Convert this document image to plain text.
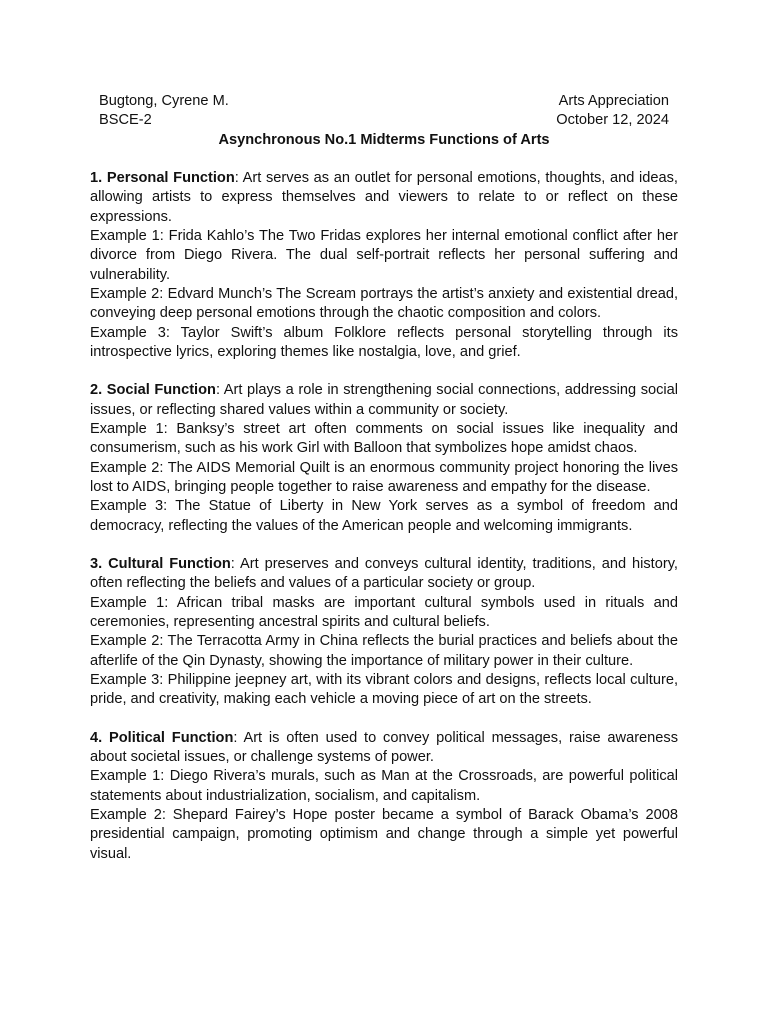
Bugtong, Cyrene M.	Arts Appreciation
BSCE-2	October 12, 2024
Asynchronous No.1 Midterms Functions of Arts

1. Personal Function: Art serves as an outlet for personal emotions, thoughts, and ideas, allowing artists to express themselves and viewers to relate to or reflect on these expressions.

Example 1: Frida Kahlo’s The Two Fridas explores her internal emotional conflict after her divorce from Diego Rivera. The dual self-portrait reflects her personal suffering and vulnerability.

Example 2: Edvard Munch’s The Scream portrays the artist’s anxiety and existential dread, conveying deep personal emotions through the chaotic composition and colors.

Example 3: Taylor Swift’s album Folklore reflects personal storytelling through its introspective lyrics, exploring themes like nostalgia, love, and grief.

2. Social Function: Art plays a role in strengthening social connections, addressing social issues, or reflecting shared values within a community or society.

Example 1: Banksy’s street art often comments on social issues like inequality and consumerism, such as his work Girl with Balloon that symbolizes hope amidst chaos.

Example 2: The AIDS Memorial Quilt is an enormous community project honoring the lives lost to AIDS, bringing people together to raise awareness and empathy for the disease.

Example 3: The Statue of Liberty in New York serves as a symbol of freedom and democracy, reflecting the values of the American people and welcoming immigrants.

3. Cultural Function: Art preserves and conveys cultural identity, traditions, and history, often reflecting the beliefs and values of a particular society or group.

Example 1: African tribal masks are important cultural symbols used in rituals and ceremonies, representing ancestral spirits and cultural beliefs.

Example 2: The Terracotta Army in China reflects the burial practices and beliefs about the afterlife of the Qin Dynasty, showing the importance of military power in their culture.

Example 3: Philippine jeepney art, with its vibrant colors and designs, reflects local culture, pride, and creativity, making each vehicle a moving piece of art on the streets.

4. Political Function: Art is often used to convey political messages, raise awareness about societal issues, or challenge systems of power.

Example 1: Diego Rivera’s murals, such as Man at the Crossroads, are powerful political statements about industrialization, socialism, and capitalism.

Example 2: Shepard Fairey’s Hope poster became a symbol of Barack Obama’s 2008 presidential campaign, promoting optimism and change through a simple yet powerful visual.
